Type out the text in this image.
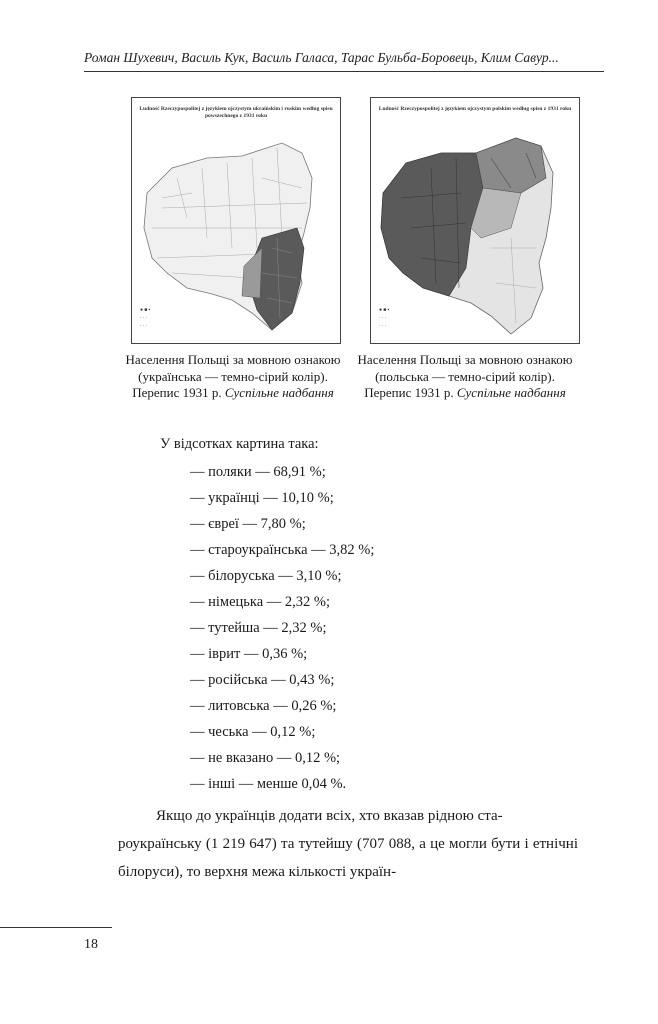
Роман Шухевич, Василь Кук, Василь Галаса, Тарас Бульба-Боровець, Клим Савур...
Ludność Rzeczypospolitej z językiem ojczystym ukraińskim i ruskim według spisu powszechnego z 1931 roku
● ■ ▪
· · ·
· · ·
Ludność Rzeczypospolitej z językiem ojczystym polskim według spisu z 1931 roku
● ■ ▪
· · ·
· · ·
Населення Польщі за мовною ознакою (українська — темно-сірий колір). Перепис 1931 р. Суспільне надбання
Населення Польщі за мовною ознакою (польська — темно-сірий колір). Перепис 1931 р. Суспільне надбання
У відсотках картина така:
— поляки — 68,91 %;
— українці — 10,10 %;
— євреї — 7,80 %;
— староукраїнська — 3,82 %;
— білоруська — 3,10 %;
— німецька — 2,32 %;
— тутейша — 2,32 %;
— іврит — 0,36 %;
— російська — 0,43 %;
— литовська — 0,26 %;
— чеська — 0,12 %;
— не вказано — 0,12 %;
— інші — менше 0,04 %.
Якщо до українців додати всіх, хто вказав рідною ста-
роукраїнську (1 219 647) та тутейшу (707 088, а це могли бути і етнічні білоруси), то верхня межа кількості україн-
18
